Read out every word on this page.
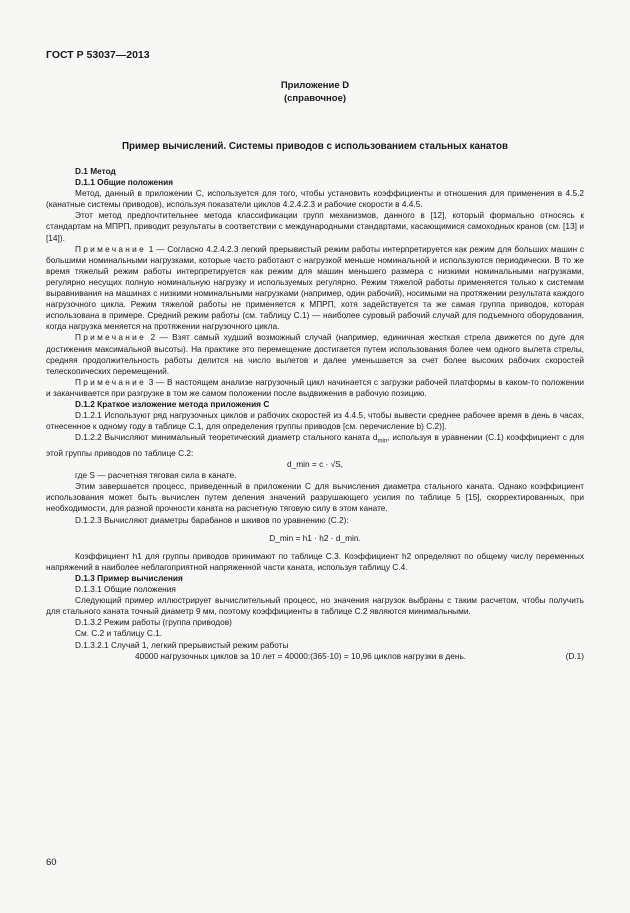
ГОСТ Р 53037—2013
Приложение D
(справочное)
Пример вычислений. Системы приводов с использованием стальных канатов

D.1 Метод

D.1.1 Общие положения

Метод, данный в приложении С, используется для того, чтобы установить коэффициенты и отношения для применения в 4.5.2 (канатные системы приводов), используя показатели циклов 4.2.4.2.3 и рабочие скорости в 4.4.5.

Этот метод предпочтительнее метода классификации групп механизмов, данного в [12], который формально относясь к стандартам на МПРП, приводит результаты в соответствии с международными стандартами, касающимися самоходных кранов (см. [13] и [14]).

Примечание 1 — Согласно 4.2.4.2.3 легкий прерывистый режим работы интерпретируется как режим для больших машин с большими номинальными нагрузками, которые часто работают с нагрузкой меньше номинальной и используются периодически. В то же время тяжелый режим работы интерпретируется как режим для машин меньшего размера с низкими номинальными нагрузками, регулярно несущих полную номинальную нагрузку и используемых регулярно. Режим тяжелой работы применяется только к системам выравнивания на машинах с низкими номинальными нагрузками (например, один рабочий), носимыми на протяжении результата каждого нагрузочного цикла. Режим тяжелой работы не применяется к МПРП, хотя задействуется та же самая группа приводов, которая использована в примере. Средний режим работы (см. таблицу С.1) — наиболее суровый рабочий случай для подъемного оборудования, когда нагрузка меняется на протяжении нагрузочного цикла.

Примечание 2 — Взят самый худший возможный случай (например, единичная жесткая стрела движется по дуге для достижения максимальной высоты). На практике это перемещение достигается путем использования более чем одного вылета стрелы, средняя продолжительность работы делится на число вылетов и далее уменьшается за счет более высоких рабочих скоростей телескопических перемещений.

Примечание 3 — В настоящем анализе нагрузочный цикл начинается с загрузки рабочей платформы в каком-то положении и заканчивается при разгрузке в том же самом положении после выдвижения в рабочую позицию.

D.1.2 Краткое изложение метода приложения С

D.1.2.1 Используют ряд нагрузочных циклов и рабочих скоростей из 4.4.5, чтобы вывести среднее рабочее время в день в часах, отнесенное к одному году в таблице С.1, для определения группы приводов [см. перечисление b) С.2)].

D.1.2.2 Вычисляют минимальный теоретический диаметр стального каната $d_{min}$, используя в уравнении (С.1) коэффициент с для этой группы приводов по таблице С.2:

d_min = c · √S,

где S — расчетная тяговая сила в канате.

Этим завершается процесс, приведенный в приложении С для вычисления диаметра стального каната. Однако коэффициент использования может быть вычислен путем деления значений разрушающего усилия по таблице 5 [15], скорректированных, при необходимости, для разной прочности каната на расчетную тяговую силу в этом канате.

D.1.2.3 Вычисляют диаметры барабанов и шкивов по уравнению (С.2):

D_min = h1 · h2 · d_min.

Коэффициент h1 для группы приводов принимают по таблице С.3. Коэффициент h2 определяют по общему числу переменных напряжений в наиболее неблагоприятной напряженной части каната, используя таблицу С.4.

D.1.3 Пример вычисления

D.1.3.1 Общие положения

Следующий пример иллюстрирует вычислительный процесс, но значения нагрузок выбраны с таким расчетом, чтобы получить для стального каната точный диаметр 9 мм, поэтому коэффициенты в таблице С.2 являются минимальными.

D.1.3.2 Режим работы (группа приводов)

См. С.2 и таблицу С.1.

D.1.3.2.1 Случай 1, легкий прерывистый режим работы

40000 нагрузочных циклов за 10 лет = 40000:(365·10) = 10,96 циклов нагрузки в день.	(D.1)

60
